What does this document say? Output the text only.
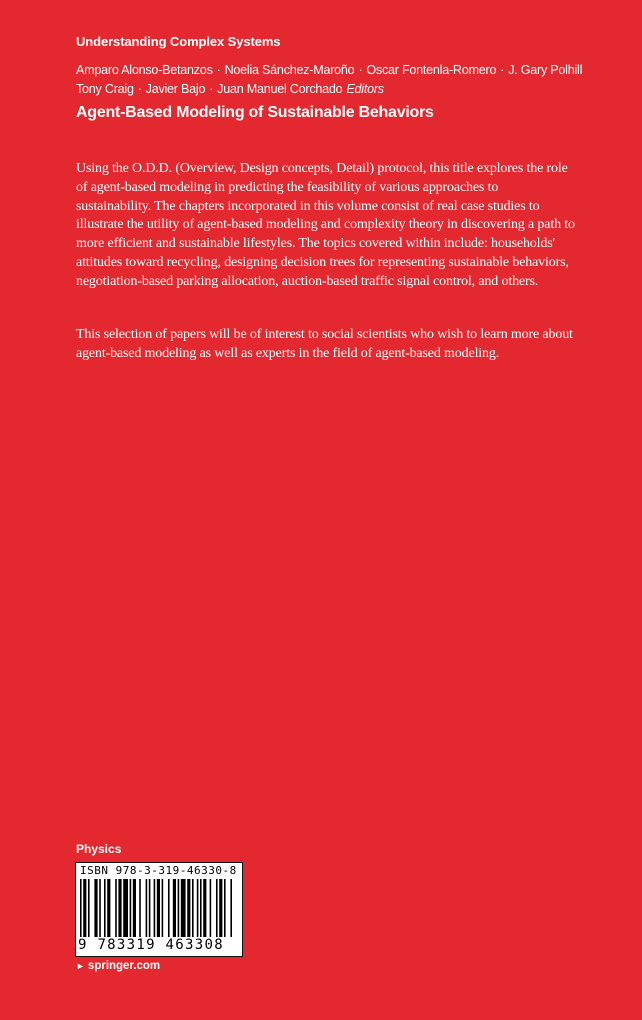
Understanding Complex Systems
Amparo Alonso-Betanzos · Noelia Sánchez-Maroño · Oscar Fontenla-Romero · J. Gary Polhill
Tony Craig · Javier Bajo · Juan Manuel Corchado Editors
Agent-Based Modeling of Sustainable Behaviors

Using the O.D.D. (Overview, Design concepts, Detail) protocol, this title explores the role of agent-based modeling in predicting the feasibility of various approaches to sustainability. The chapters incorporated in this volume consist of real case studies to illustrate the utility of agent-based modeling and complexity theory in discovering a path to more efficient and sustainable lifestyles. The topics covered within include: households' attitudes toward recycling, designing decision trees for representing sustainable behaviors, negotiation-based parking allocation, auction-based traffic signal control, and others.

This selection of papers will be of interest to social scientists who wish to learn more about agent-based modeling as well as experts in the field of agent-based modeling.

Physics
ISBN 978-3-319-46330-8
9 783319 463308
► springer.com
